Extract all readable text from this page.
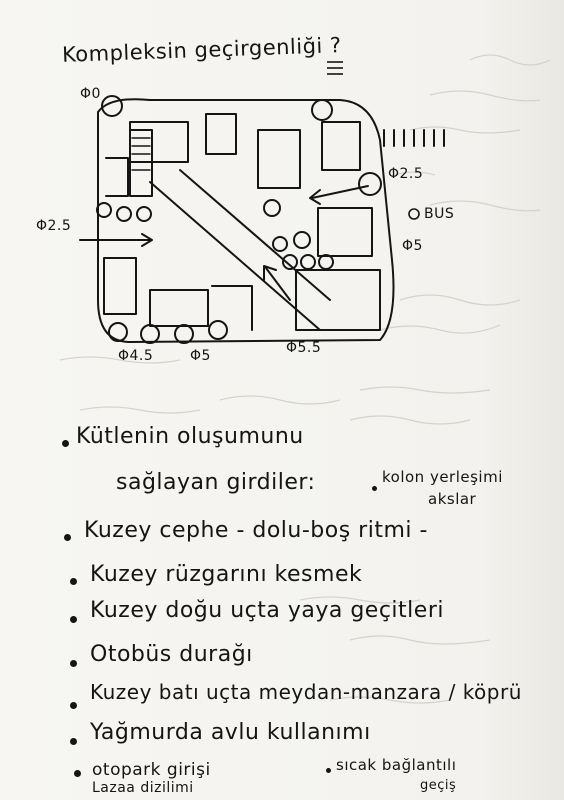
Kompleksin geçirgenliği ?
Φ0
Φ2.5
Φ2.5
BUS
Φ5
Φ4.5	Φ5	Φ5.5
Kütlenin oluşumunu
sağlayan girdiler:	kolon yerleşimi
akslar
Kuzey cephe - dolu-boş ritmi -
Kuzey rüzgarını kesmek
Kuzey doğu uçta yaya geçitleri
Otobüs durağı
Kuzey batı uçta meydan-manzara / köprü
Yağmurda avlu kullanımı
otopark girişi
Lazaa dizilimi
sıcak bağlantılı
geçiş
